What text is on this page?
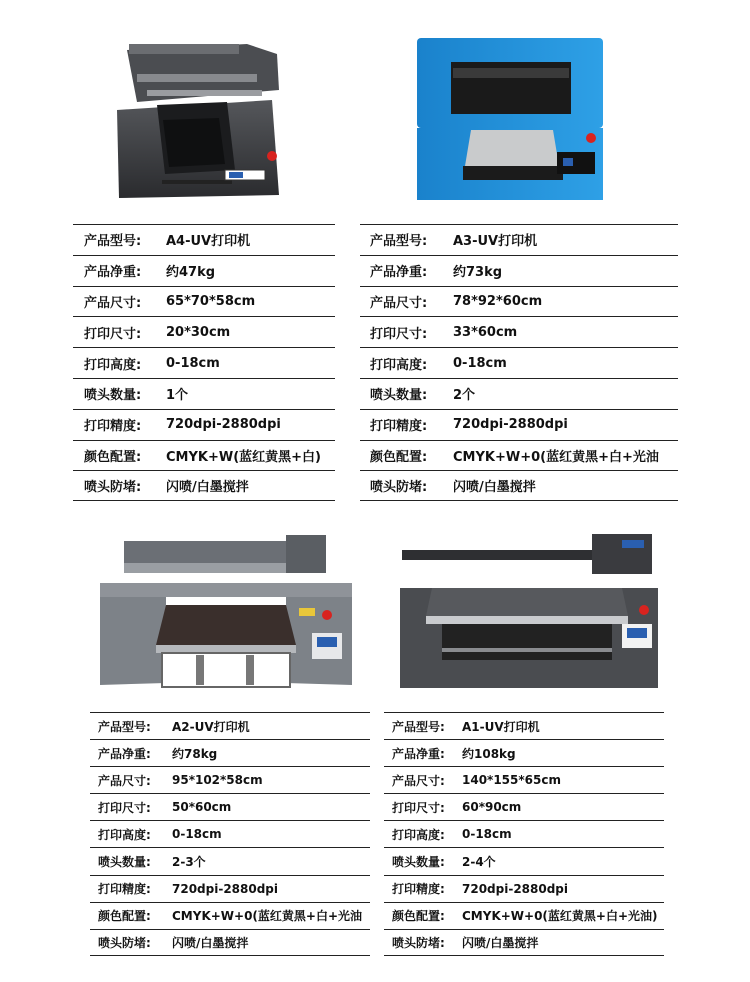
产品型号: A4-UV打印机
产品净重: 约47kg
产品尺寸: 65*70*58cm
打印尺寸: 20*30cm
打印高度: 0-18cm
喷头数量: 1个
打印精度: 720dpi-2880dpi
颜色配置: CMYK+W(蓝红黄黑+白)
喷头防堵: 闪喷/白墨搅拌
产品型号: A3-UV打印机
产品净重: 约73kg
产品尺寸: 78*92*60cm
打印尺寸: 33*60cm
打印高度: 0-18cm
喷头数量: 2个
打印精度: 720dpi-2880dpi
颜色配置: CMYK+W+0(蓝红黄黑+白+光油
喷头防堵: 闪喷/白墨搅拌
产品型号: A2-UV打印机
产品净重: 约78kg
产品尺寸: 95*102*58cm
打印尺寸: 50*60cm
打印高度: 0-18cm
喷头数量: 2-3个
打印精度: 720dpi-2880dpi
颜色配置: CMYK+W+0(蓝红黄黑+白+光油
喷头防堵: 闪喷/白墨搅拌
产品型号: A1-UV打印机
产品净重: 约108kg
产品尺寸: 140*155*65cm
打印尺寸: 60*90cm
打印高度: 0-18cm
喷头数量: 2-4个
打印精度: 720dpi-2880dpi
颜色配置: CMYK+W+0(蓝红黄黑+白+光油)
喷头防堵: 闪喷/白墨搅拌
